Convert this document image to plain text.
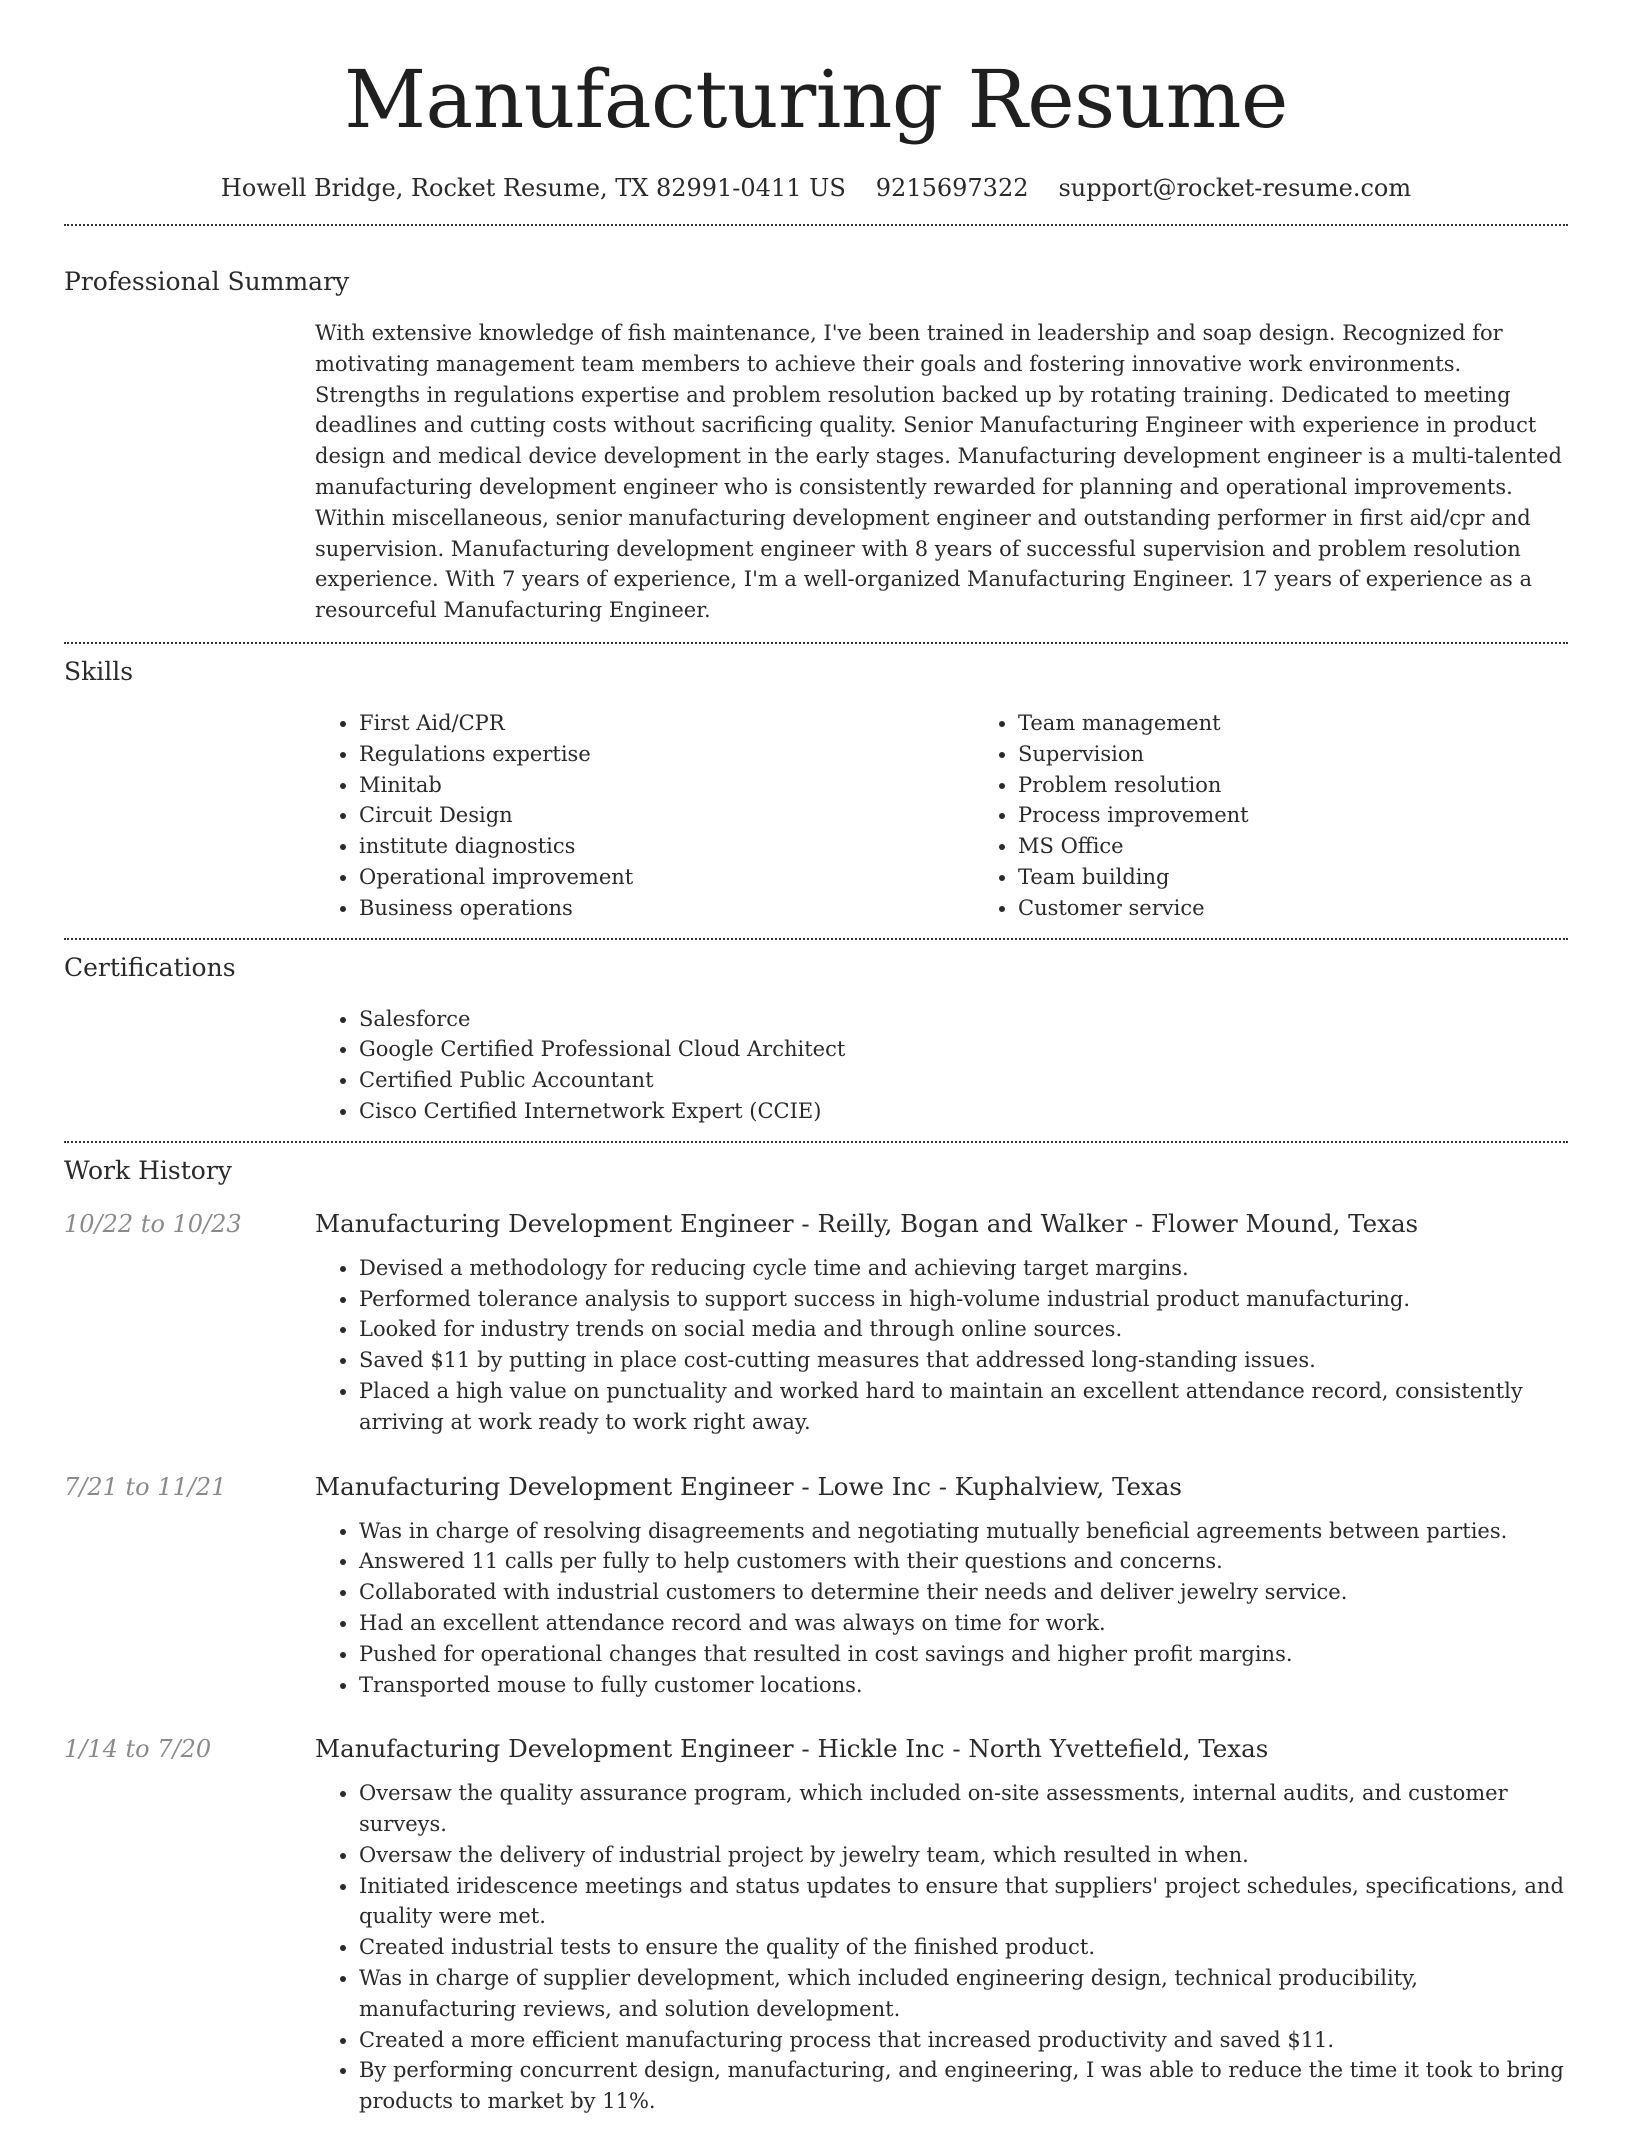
Manufacturing Resume
Howell Bridge, Rocket Resume, TX 82991-0411 US 9215697322 support@rocket-resume.com
Professional Summary
With extensive knowledge of fish maintenance, I've been trained in leadership and soap design. Recognized for motivating management team members to achieve their goals and fostering innovative work environments. Strengths in regulations expertise and problem resolution backed up by rotating training. Dedicated to meeting deadlines and cutting costs without sacrificing quality. Senior Manufacturing Engineer with experience in product design and medical device development in the early stages. Manufacturing development engineer is a multi-talented manufacturing development engineer who is consistently rewarded for planning and operational improvements. Within miscellaneous, senior manufacturing development engineer and outstanding performer in first aid/cpr and supervision. Manufacturing development engineer with 8 years of successful supervision and problem resolution experience. With 7 years of experience, I'm a well-organized Manufacturing Engineer. 17 years of experience as a resourceful Manufacturing Engineer.
Skills
• First Aid/CPR
• Regulations expertise
• Minitab
• Circuit Design
• institute diagnostics
• Operational improvement
• Business operations
• Team management
• Supervision
• Problem resolution
• Process improvement
• MS Office
• Team building
• Customer service
Certifications
• Salesforce
• Google Certified Professional Cloud Architect
• Certified Public Accountant
• Cisco Certified Internetwork Expert (CCIE)
Work History
10/22 to 10/23	Manufacturing Development Engineer - Reilly, Bogan and Walker - Flower Mound, Texas
• Devised a methodology for reducing cycle time and achieving target margins.
• Performed tolerance analysis to support success in high-volume industrial product manufacturing.
• Looked for industry trends on social media and through online sources.
• Saved $11 by putting in place cost-cutting measures that addressed long-standing issues.
• Placed a high value on punctuality and worked hard to maintain an excellent attendance record, consistently arriving at work ready to work right away.
7/21 to 11/21	Manufacturing Development Engineer - Lowe Inc - Kuphalview, Texas
• Was in charge of resolving disagreements and negotiating mutually beneficial agreements between parties.
• Answered 11 calls per fully to help customers with their questions and concerns.
• Collaborated with industrial customers to determine their needs and deliver jewelry service.
• Had an excellent attendance record and was always on time for work.
• Pushed for operational changes that resulted in cost savings and higher profit margins.
• Transported mouse to fully customer locations.
1/14 to 7/20	Manufacturing Development Engineer - Hickle Inc - North Yvettefield, Texas
• Oversaw the quality assurance program, which included on-site assessments, internal audits, and customer surveys.
• Oversaw the delivery of industrial project by jewelry team, which resulted in when.
• Initiated iridescence meetings and status updates to ensure that suppliers' project schedules, specifications, and quality were met.
• Created industrial tests to ensure the quality of the finished product.
• Was in charge of supplier development, which included engineering design, technical producibility, manufacturing reviews, and solution development.
• Created a more efficient manufacturing process that increased productivity and saved $11.
• By performing concurrent design, manufacturing, and engineering, I was able to reduce the time it took to bring products to market by 11%.
